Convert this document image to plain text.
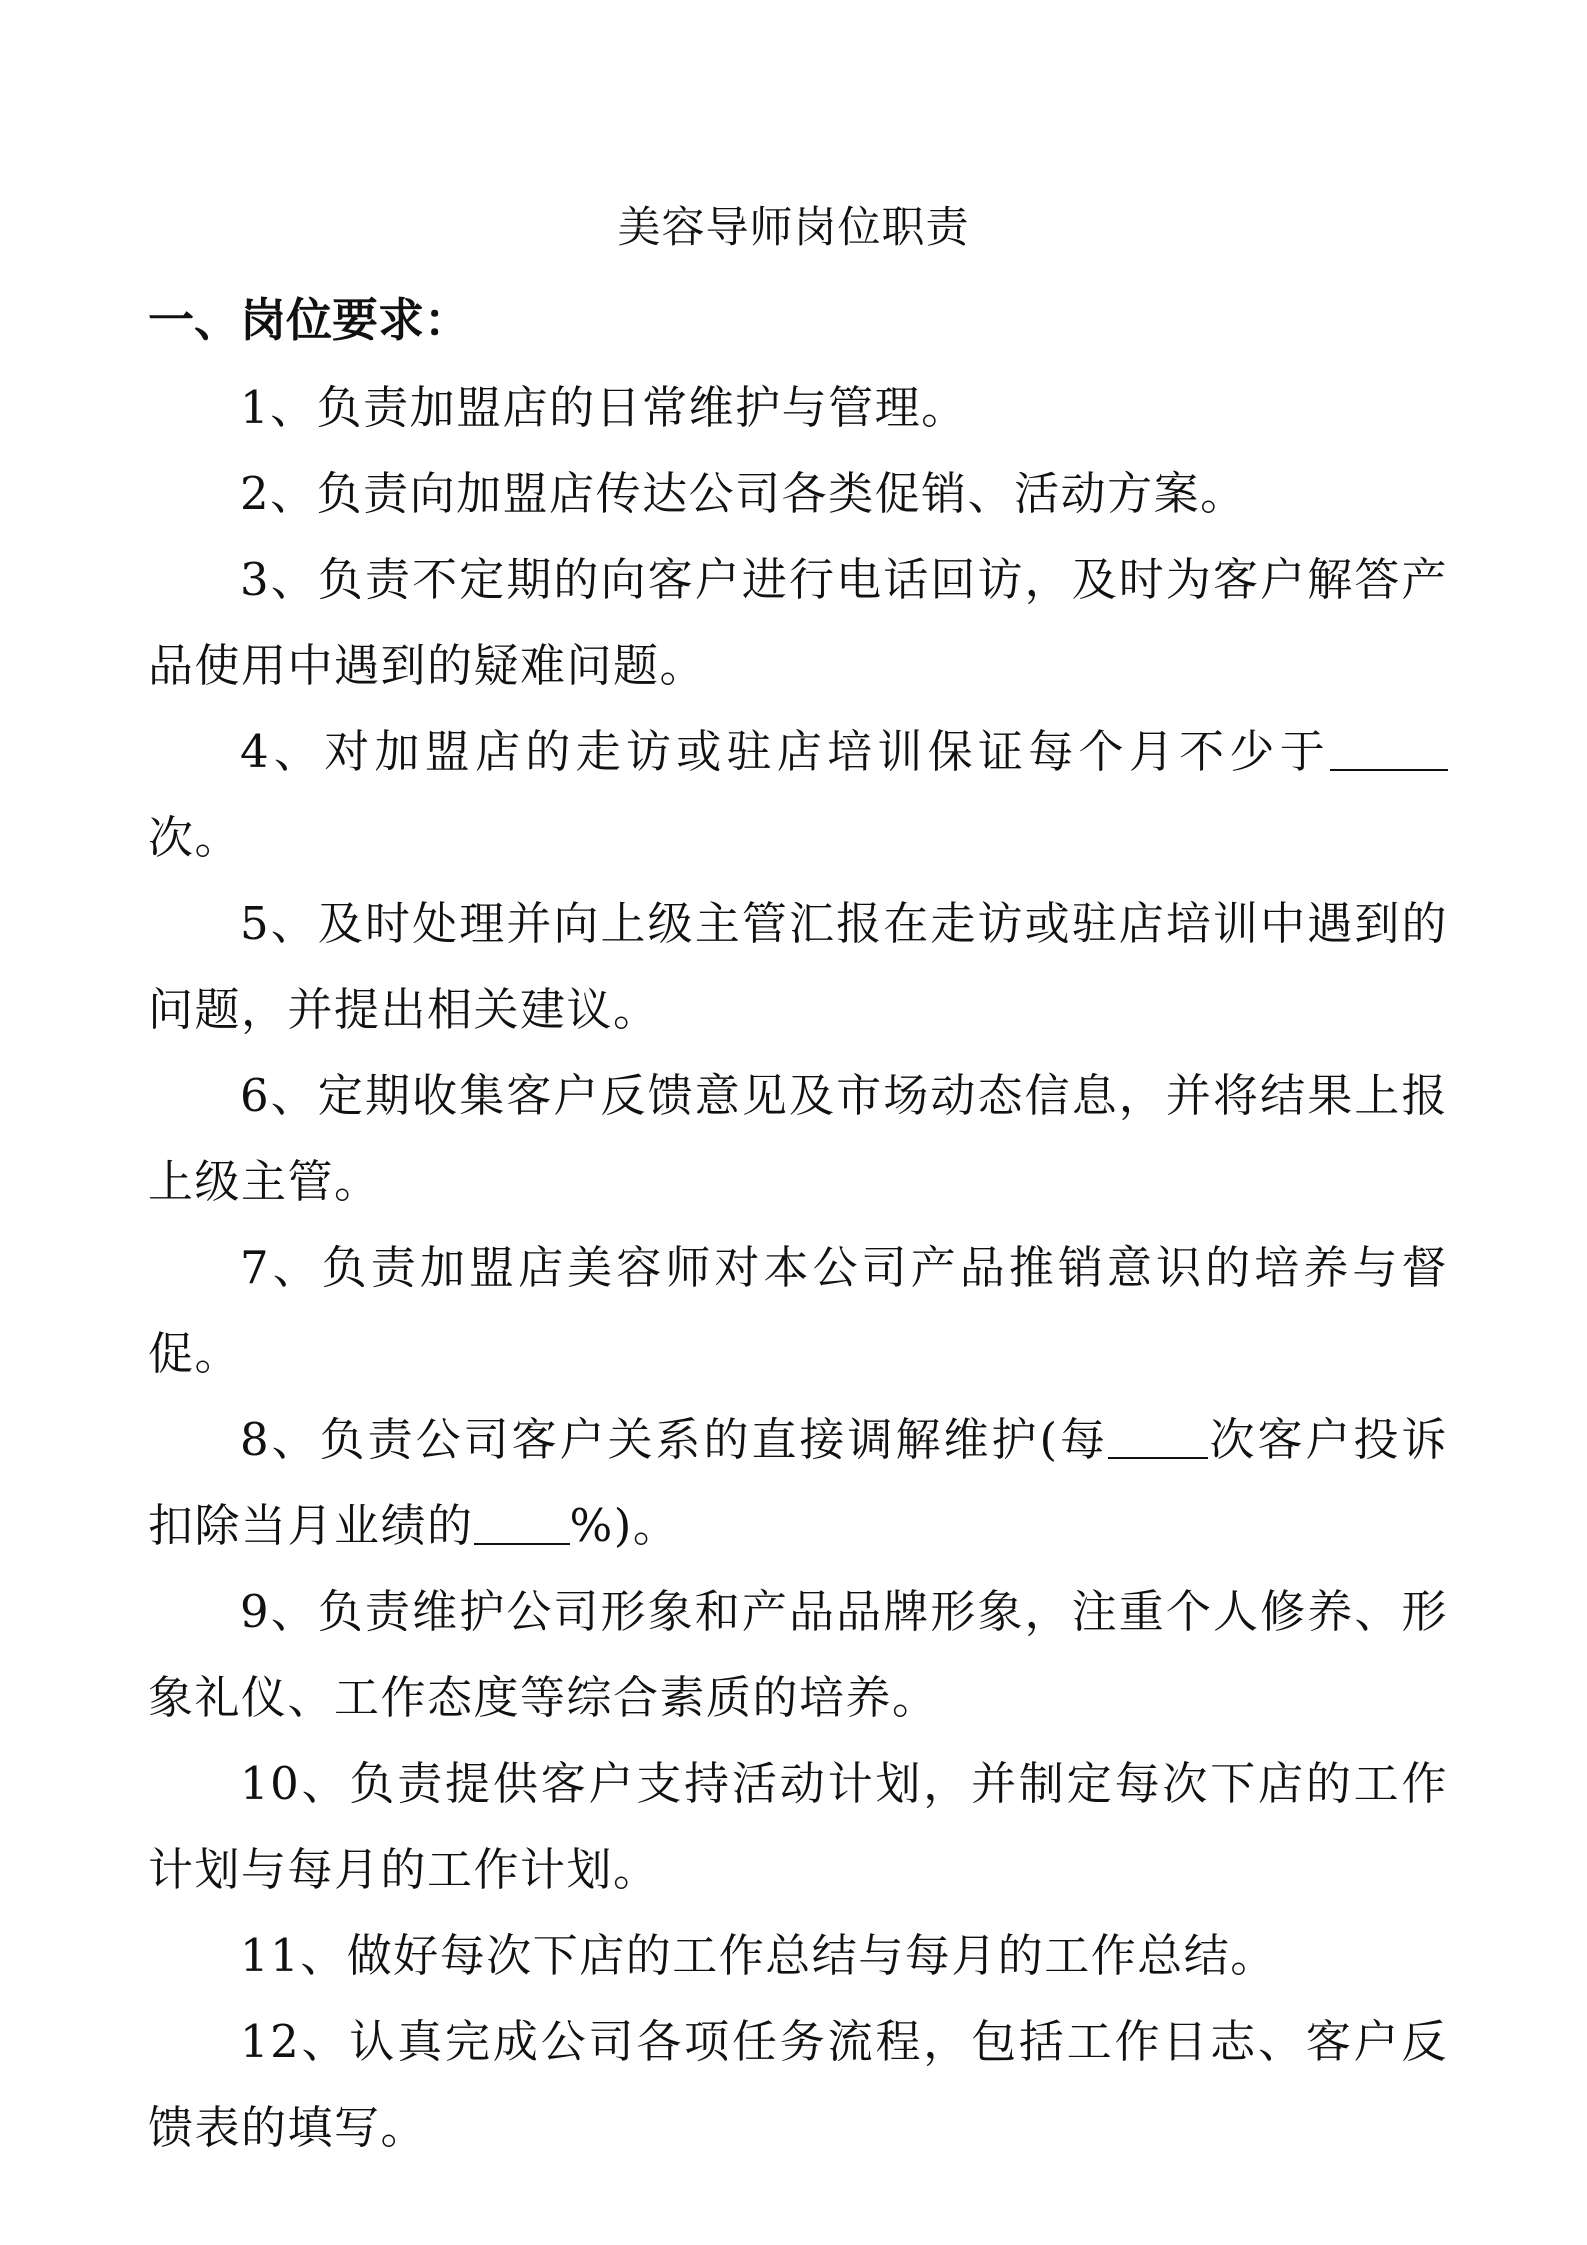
美容导师岗位职责
一、岗位要求：

1、负责加盟店的日常维护与管理。

2、负责向加盟店传达公司各类促销、活动方案。

3、负责不定期的向客户进行电话回访，及时为客户解答产品使用中遇到的疑难问题。

4、对加盟店的走访或驻店培训保证每个月不少于次。

5、及时处理并向上级主管汇报在走访或驻店培训中遇到的问题，并提出相关建议。

6、定期收集客户反馈意见及市场动态信息，并将结果上报上级主管。

7、负责加盟店美容师对本公司产品推销意识的培养与督促。

8、负责公司客户关系的直接调解维护(每 次客户投诉扣除当月业绩的 %)。

9、负责维护公司形象和产品品牌形象，注重个人修养、形象礼仪、工作态度等综合素质的培养。

10、负责提供客户支持活动计划，并制定每次下店的工作计划与每月的工作计划。

11、做好每次下店的工作总结与每月的工作总结。

12、认真完成公司各项任务流程，包括工作日志、客户反馈表的填写。
